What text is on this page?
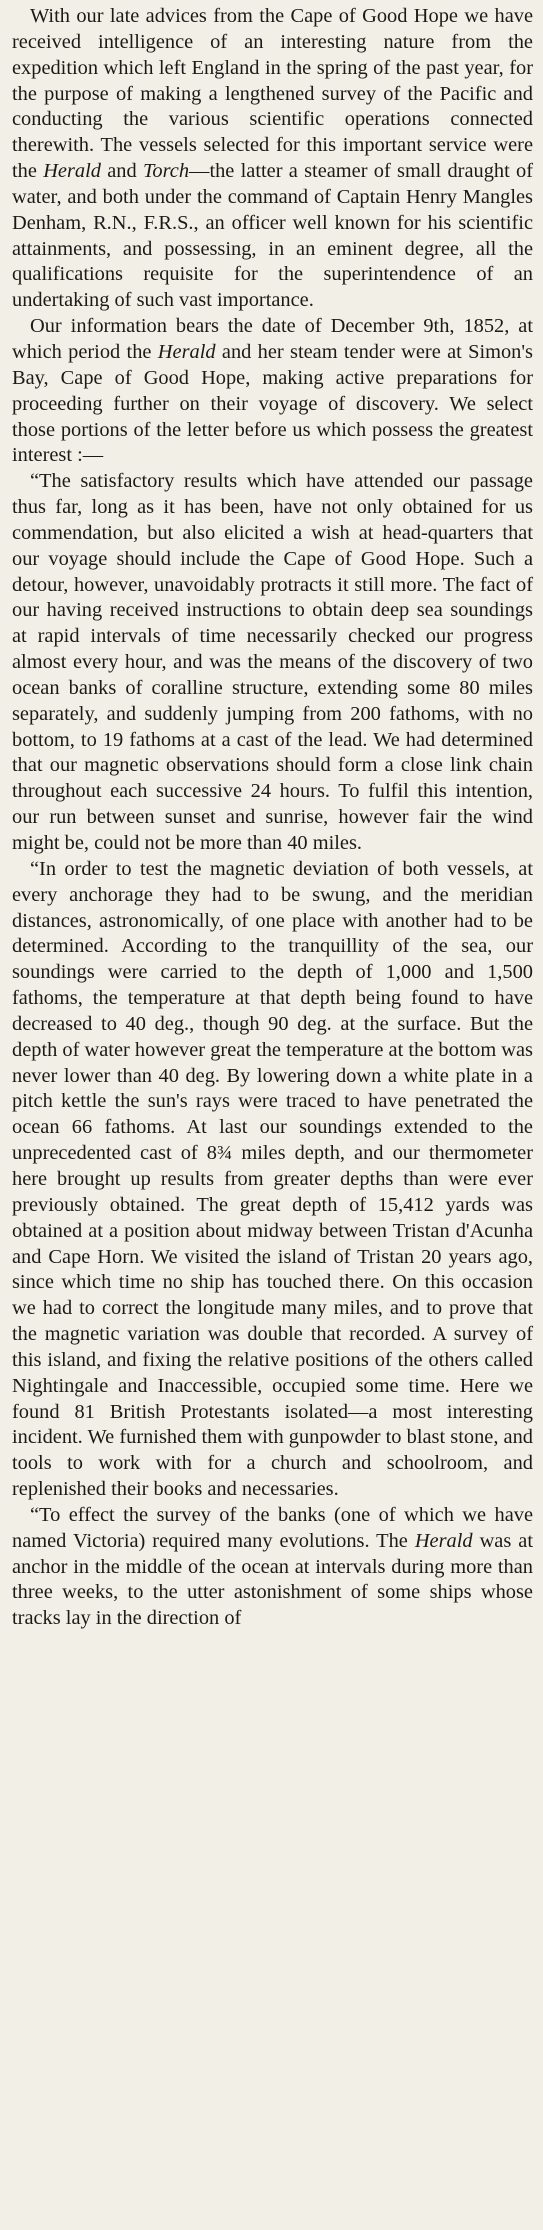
With our late advices from the Cape of Good Hope we have received intelligence of an interesting nature from the expedition which left England in the spring of the past year, for the purpose of making a lengthened survey of the Pacific and conducting the various scientific operations connected therewith. The vessels selected for this important service were the Herald and Torch—the latter a steamer of small draught of water, and both under the command of Captain Henry Mangles Denham, R.N., F.R.S., an officer well known for his scientific attainments, and possessing, in an eminent degree, all the qualifications requisite for the superintendence of an undertaking of such vast importance.

Our information bears the date of December 9th, 1852, at which period the Herald and her steam tender were at Simon's Bay, Cape of Good Hope, making active preparations for proceeding further on their voyage of discovery. We select those portions of the letter before us which possess the greatest interest :—

“The satisfactory results which have attended our passage thus far, long as it has been, have not only obtained for us commendation, but also elicited a wish at head-quarters that our voyage should include the Cape of Good Hope. Such a detour, however, unavoidably protracts it still more. The fact of our having received instructions to obtain deep sea soundings at rapid intervals of time necessarily checked our progress almost every hour, and was the means of the discovery of two ocean banks of coralline structure, extending some 80 miles separately, and suddenly jumping from 200 fathoms, with no bottom, to 19 fathoms at a cast of the lead. We had determined that our magnetic observations should form a close link chain throughout each successive 24 hours. To fulfil this intention, our run between sunset and sunrise, however fair the wind might be, could not be more than 40 miles.

“In order to test the magnetic deviation of both vessels, at every anchorage they had to be swung, and the meridian distances, astronomically, of one place with another had to be determined. According to the tranquillity of the sea, our soundings were carried to the depth of 1,000 and 1,500 fathoms, the temperature at that depth being found to have decreased to 40 deg., though 90 deg. at the surface. But the depth of water however great the temperature at the bottom was never lower than 40 deg. By lowering down a white plate in a pitch kettle the sun's rays were traced to have penetrated the ocean 66 fathoms. At last our soundings extended to the unprecedented cast of 8¾ miles depth, and our thermometer here brought up results from greater depths than were ever previously obtained. The great depth of 15,412 yards was obtained at a position about midway between Tristan d'Acunha and Cape Horn. We visited the island of Tristan 20 years ago, since which time no ship has touched there. On this occasion we had to correct the longitude many miles, and to prove that the magnetic variation was double that recorded. A survey of this island, and fixing the relative positions of the others called Nightingale and Inaccessible, occupied some time. Here we found 81 British Protestants isolated—a most interesting incident. We furnished them with gunpowder to blast stone, and tools to work with for a church and schoolroom, and replenished their books and necessaries.

“To effect the survey of the banks (one of which we have named Victoria) required many evolutions. The Herald was at anchor in the middle of the ocean at intervals during more than three weeks, to the utter astonishment of some ships whose tracks lay in the direction of
